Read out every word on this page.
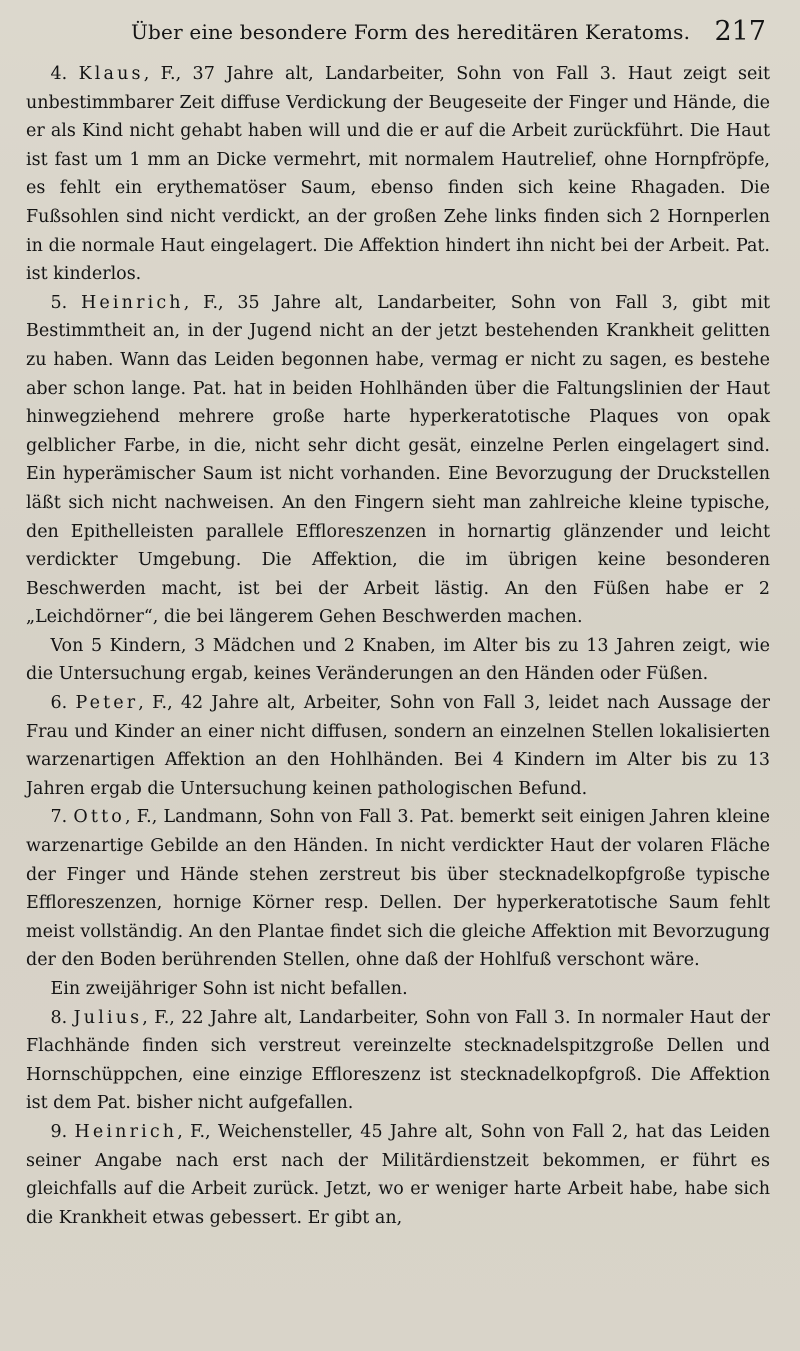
Über eine besondere Form des hereditären Keratoms. 217

4. Klaus, F., 37 Jahre alt, Landarbeiter, Sohn von Fall 3. Haut zeigt seit unbestimmbarer Zeit diffuse Verdickung der Beugeseite der Finger und Hände, die er als Kind nicht gehabt haben will und die er auf die Arbeit zurückführt. Die Haut ist fast um 1 mm an Dicke vermehrt, mit normalem Hautrelief, ohne Hornpfröpfe, es fehlt ein erythematöser Saum, ebenso finden sich keine Rhagaden. Die Fußsohlen sind nicht verdickt, an der großen Zehe links finden sich 2 Hornperlen in die normale Haut eingelagert. Die Affektion hindert ihn nicht bei der Arbeit. Pat. ist kinderlos.

5. Heinrich, F., 35 Jahre alt, Landarbeiter, Sohn von Fall 3, gibt mit Bestimmtheit an, in der Jugend nicht an der jetzt bestehenden Krankheit gelitten zu haben. Wann das Leiden begonnen habe, vermag er nicht zu sagen, es bestehe aber schon lange. Pat. hat in beiden Hohlhänden über die Faltungslinien der Haut hinwegziehend mehrere große harte hyperkeratotische Plaques von opak gelblicher Farbe, in die, nicht sehr dicht gesät, einzelne Perlen eingelagert sind. Ein hyperämischer Saum ist nicht vorhanden. Eine Bevorzugung der Druckstellen läßt sich nicht nachweisen. An den Fingern sieht man zahlreiche kleine typische, den Epithelleisten parallele Effloreszenzen in hornartig glänzender und leicht verdickter Umgebung. Die Affektion, die im übrigen keine besonderen Beschwerden macht, ist bei der Arbeit lästig. An den Füßen habe er 2 „Leichdörner“, die bei längerem Gehen Beschwerden machen.

Von 5 Kindern, 3 Mädchen und 2 Knaben, im Alter bis zu 13 Jahren zeigt, wie die Untersuchung ergab, keines Veränderungen an den Händen oder Füßen.

6. Peter, F., 42 Jahre alt, Arbeiter, Sohn von Fall 3, leidet nach Aussage der Frau und Kinder an einer nicht diffusen, sondern an einzelnen Stellen lokalisierten warzenartigen Affektion an den Hohlhänden. Bei 4 Kindern im Alter bis zu 13 Jahren ergab die Untersuchung keinen pathologischen Befund.

7. Otto, F., Landmann, Sohn von Fall 3. Pat. bemerkt seit einigen Jahren kleine warzenartige Gebilde an den Händen. In nicht verdickter Haut der volaren Fläche der Finger und Hände stehen zerstreut bis über stecknadelkopfgroße typische Effloreszenzen, hornige Körner resp. Dellen. Der hyperkeratotische Saum fehlt meist vollständig. An den Plantae findet sich die gleiche Affektion mit Bevorzugung der den Boden berührenden Stellen, ohne daß der Hohlfuß verschont wäre.

Ein zweijähriger Sohn ist nicht befallen.

8. Julius, F., 22 Jahre alt, Landarbeiter, Sohn von Fall 3. In normaler Haut der Flachhände finden sich verstreut vereinzelte stecknadelspitzgroße Dellen und Hornschüppchen, eine einzige Effloreszenz ist stecknadelkopfgroß. Die Affektion ist dem Pat. bisher nicht aufgefallen.

9. Heinrich, F., Weichensteller, 45 Jahre alt, Sohn von Fall 2, hat das Leiden seiner Angabe nach erst nach der Militärdienstzeit bekommen, er führt es gleichfalls auf die Arbeit zurück. Jetzt, wo er weniger harte Arbeit habe, habe sich die Krankheit etwas gebessert. Er gibt an,
